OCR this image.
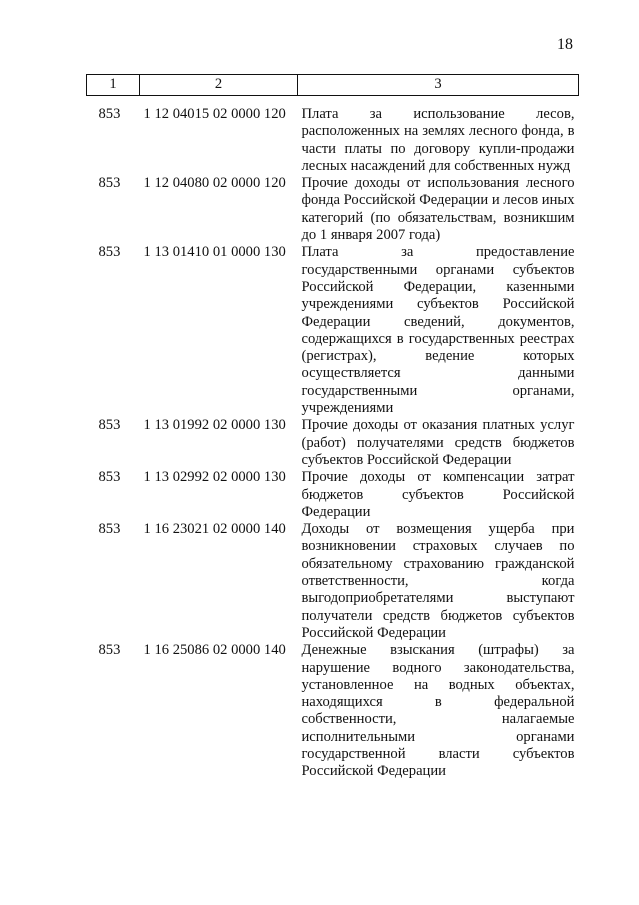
18
1	2	3

853	1 12 04015 02 0000 120	Плата за использование лесов, расположенных на землях лесного фонда, в части платы по договору купли-продажи лесных насаждений для собственных нужд
853	1 12 04080 02 0000 120	Прочие доходы от использования лесного фонда Российской Федерации и лесов иных категорий (по обязательствам, возникшим до 1 января 2007 года)
853	1 13 01410 01 0000 130	Плата за предоставление государственными органами субъектов Российской Федерации, казенными учреждениями субъектов Российской Федерации сведений, документов, содержащихся в государственных реестрах (регистрах), ведение которых осуществляется данными государственными органами, учреждениями
853	1 13 01992 02 0000 130	Прочие доходы от оказания платных услуг (работ) получателями средств бюджетов субъектов Российской Федерации
853	1 13 02992 02 0000 130	Прочие доходы от компенсации затрат бюджетов субъектов Российской Федерации
853	1 16 23021 02 0000 140	Доходы от возмещения ущерба при возникновении страховых случаев по обязательному страхованию гражданской ответственности, когда выгодоприобретателями выступают получатели средств бюджетов субъектов Российской Федерации
853	1 16 25086 02 0000 140	Денежные взыскания (штрафы) за нарушение водного законодательства, установленное на водных объектах, находящихся в федеральной собственности, налагаемые исполнительными органами государственной власти субъектов Российской Федерации
